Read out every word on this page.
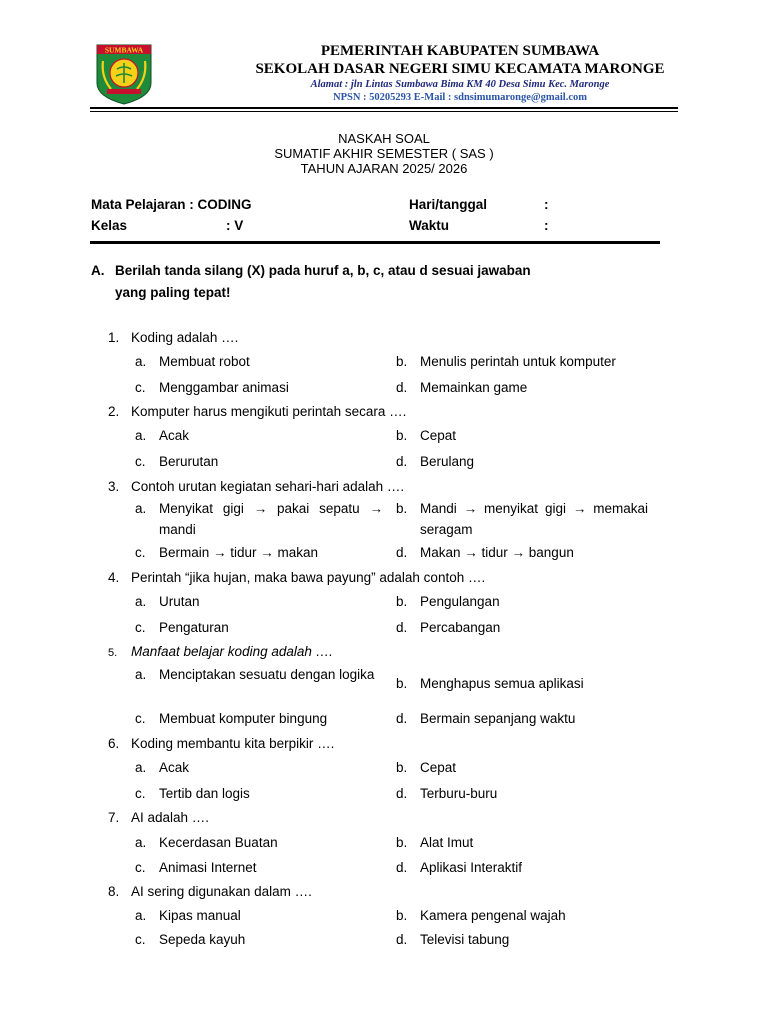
SUMBAWA	PEMERINTAH KABUPATEN SUMBAWA
SEKOLAH DASAR NEGERI SIMU KECAMATA MARONGE
Alamat : jln Lintas Sumbawa Bima KM 40 Desa Simu Kec. Maronge
NPSN : 50205293 E-Mail : sdnsimumaronge@gmail.com
NASKAH SOAL
SUMATIF AKHIR SEMESTER ( SAS )
TAHUN AJARAN 2025/ 2026
Mata Pelajaran : CODING
Kelas	: V
Hari/tanggal	:
Waktu	:
A. Berilah tanda silang (X) pada huruf a, b, c, atau d sesuai jawaban
yang paling tepat!
1. Koding adalah ….
a. Membuat robot	b. Menulis perintah untuk komputer
c. Menggambar animasi	d. Memainkan game
2. Komputer harus mengikuti perintah secara ….
a. Acak	b. Cepat
c. Berurutan	d. Berulang
3. Contoh urutan kegiatan sehari-hari adalah ….
a. Menyikat gigi → pakai sepatu → mandi
b. Mandi → menyikat gigi → memakai seragam
c. Bermain → tidur → makan	d. Makan → tidur → bangun
4. Perintah “jika hujan, maka bawa payung” adalah contoh ….
a. Urutan	b. Pengulangan
c. Pengaturan	d. Percabangan
5. Manfaat belajar koding adalah ….
a. Menciptakan sesuatu dengan logika
b. Menghapus semua aplikasi
c. Membuat komputer bingung	d. Bermain sepanjang waktu
6. Koding membantu kita berpikir ….
a. Acak	b. Cepat
c. Tertib dan logis	d. Terburu-buru
7. AI adalah ….
a. Kecerdasan Buatan	b. Alat Imut
c. Animasi Internet	d. Aplikasi Interaktif
8. AI sering digunakan dalam ….
a. Kipas manual	b. Kamera pengenal wajah
c. Sepeda kayuh	d. Televisi tabung
